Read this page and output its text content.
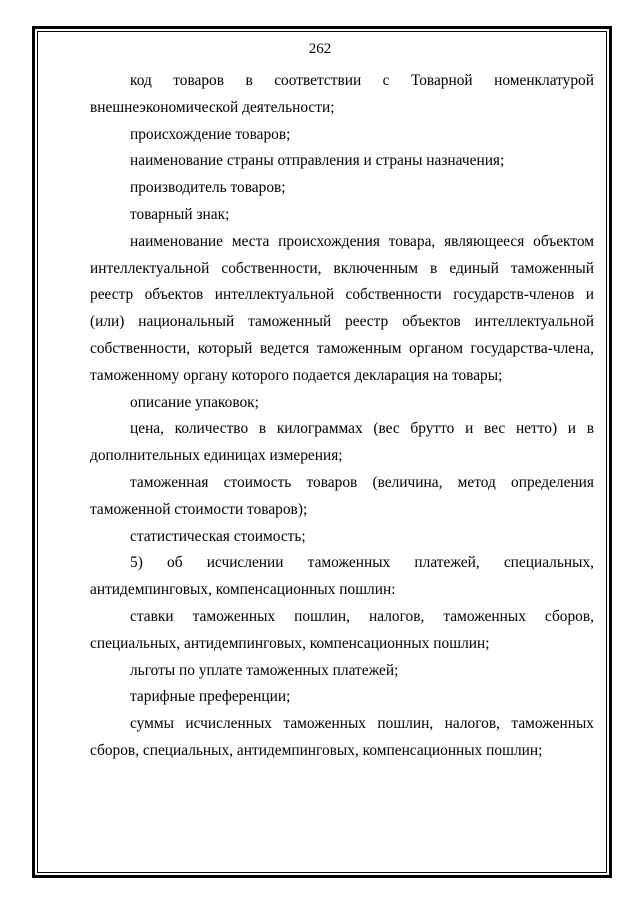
262

код товаров в соответствии с Товарной номенклатурой внешнеэкономической деятельности;

происхождение товаров;

наименование страны отправления и страны назначения;

производитель товаров;

товарный знак;

наименование места происхождения товара, являющееся объектом интеллектуальной собственности, включенным в единый таможенный реестр объектов интеллектуальной собственности государств-членов и (или) национальный таможенный реестр объектов интеллектуальной собственности, который ведется таможенным органом государства-члена, таможенному органу которого подается декларация на товары;

описание упаковок;

цена, количество в килограммах (вес брутто и вес нетто) и в дополнительных единицах измерения;

таможенная стоимость товаров (величина, метод определения таможенной стоимости товаров);

статистическая стоимость;

5) об исчислении таможенных платежей, специальных, антидемпинговых, компенсационных пошлин:

ставки таможенных пошлин, налогов, таможенных сборов, специальных, антидемпинговых, компенсационных пошлин;

льготы по уплате таможенных платежей;

тарифные преференции;

суммы исчисленных таможенных пошлин, налогов, таможенных сборов, специальных, антидемпинговых, компенсационных пошлин;
